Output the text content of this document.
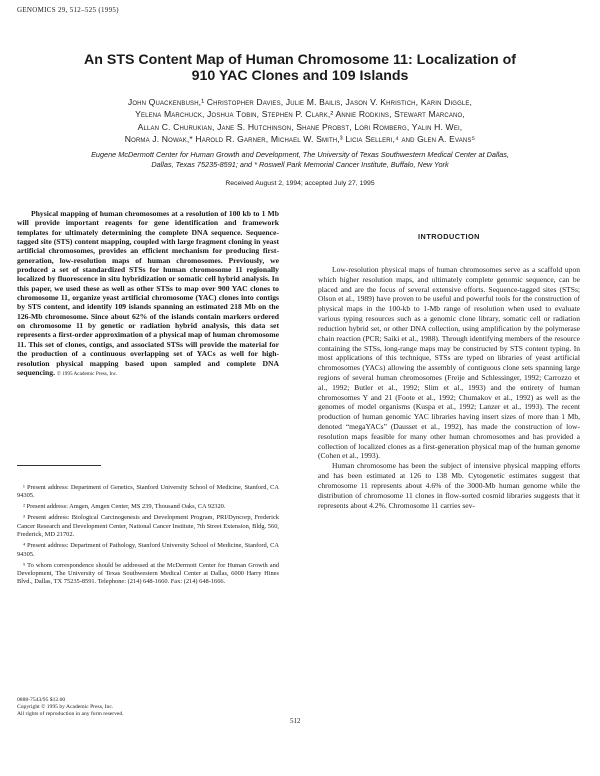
GENOMICS 29, 512–525 (1995)
An STS Content Map of Human Chromosome 11: Localization of
910 YAC Clones and 109 Islands
John Quackenbush,¹ Christopher Davies, Julie M. Bailis, Jason V. Khristich, Karin Diggle,
Yelena Marchuck, Joshua Tobin, Stephen P. Clark,² Annie Rodkins, Stewart Marcano,
Allan C. Churukian, Jane S. Hutchinson, Shane Probst, Lori Romberg, Yalin H. Wei,
Norma J. Nowak,* Harold R. Garner, Michael W. Smith,³ Licia Selleri,⁴ and Glen A. Evans⁵
Eugene McDermott Center for Human Growth and Development, The University of Texas Southwestern Medical Center at Dallas,
Dallas, Texas 75235-8591; and * Roswell Park Memorial Cancer Institute, Buffalo, New York
Received August 2, 1994; accepted July 27, 1995
Physical mapping of human chromosomes at a resolution of 100 kb to 1 Mb will provide important reagents for gene identification and framework templates for ultimately determining the complete DNA sequence. Sequence-tagged site (STS) content mapping, coupled with large fragment cloning in yeast artificial chromosomes, provides an efficient mechanism for producing first-generation, low-resolution maps of human chromosomes. Previously, we produced a set of standardized STSs for human chromosome 11 regionally localized by fluorescence in situ hybridization or somatic cell hybrid analysis. In this paper, we used these as well as other STSs to map over 900 YAC clones to chromosome 11, organize yeast artificial chromosome (YAC) clones into contigs by STS content, and identify 109 islands spanning an estimated 218 Mb on the 126-Mb chromosome. Since about 62% of the islands contain markers ordered on chromosome 11 by genetic or radiation hybrid analysis, this data set represents a first-order approximation of a physical map of human chromosome 11. This set of clones, contigs, and associated STSs will provide the material for the production of a continuous overlapping set of YACs as well for high-resolution physical mapping based upon sampled and complete DNA sequencing. © 1995 Academic Press, Inc.

¹ Present address: Department of Genetics, Stanford University School of Medicine, Stanford, CA 94305.

² Present address: Amgen, Amgen Center, MS 239, Thousand Oaks, CA 92320.

³ Present address: Biological Carcinogenesis and Development Program, PRI/Dyncorp, Frederick Cancer Research and Development Center, National Cancer Institute, 7th Street Extension, Bldg. 560, Frederick, MD 21702.

⁴ Present address: Department of Pathology, Stanford University School of Medicine, Stanford, CA 94305.

⁵ To whom correspondence should be addressed at the McDermott Center for Human Growth and Development, The University of Texas Southwestern Medical Center at Dallas, 6000 Harry Hines Blvd., Dallas, TX 75235-8591. Telephone: (214) 648-1660. Fax: (214) 648-1666.

0888-7543/95 $12.00
Copyright © 1995 by Academic Press, Inc.
All rights of reproduction in any form reserved.
INTRODUCTION

Low-resolution physical maps of human chromosomes serve as a scaffold upon which higher resolution maps, and ultimately complete genomic sequence, can be placed and are the focus of several extensive efforts. Sequence-tagged sites (STSs; Olson et al., 1989) have proven to be useful and powerful tools for the construction of physical maps in the 100-kb to 1-Mb range of resolution when used to evaluate various typing resources such as a genomic clone library, somatic cell or radiation reduction hybrid set, or other DNA collection, using amplification by the polymerase chain reaction (PCR; Saiki et al., 1988). Through identifying members of the resource containing the STSs, long-range maps may be constructed by STS content typing. In most applications of this technique, STSs are typed on libraries of yeast artificial chromosomes (YACs) allowing the assembly of contiguous clone sets spanning large regions of several human chromosomes (Freije and Schlessinger, 1992; Carrozzo et al., 1992; Butler et al., 1992; Slim et al., 1993) and the entirety of human chromosomes Y and 21 (Foote et al., 1992; Chumakov et al., 1992) as well as the genomes of model organisms (Kuspa et al., 1992; Lanzer et al., 1993). The recent production of human genomic YAC libraries having insert sizes of more than 1 Mb, denoted “megaYACs” (Dausset et al., 1992), has made the construction of low-resolution maps feasible for many other human chromosomes and has provided a collection of localized clones as a first-generation physical map of the human genome (Cohen et al., 1993).

Human chromosome has been the subject of intensive physical mapping efforts and has been estimated at 126 to 138 Mb. Cytogenetic estimates suggest that chromosome 11 represents about 4.6% of the 3000-Mb human genome while the distribution of chromosome 11 clones in flow-sorted cosmid libraries suggests that it represents about 4.2%. Chromosome 11 carries sev-

512
